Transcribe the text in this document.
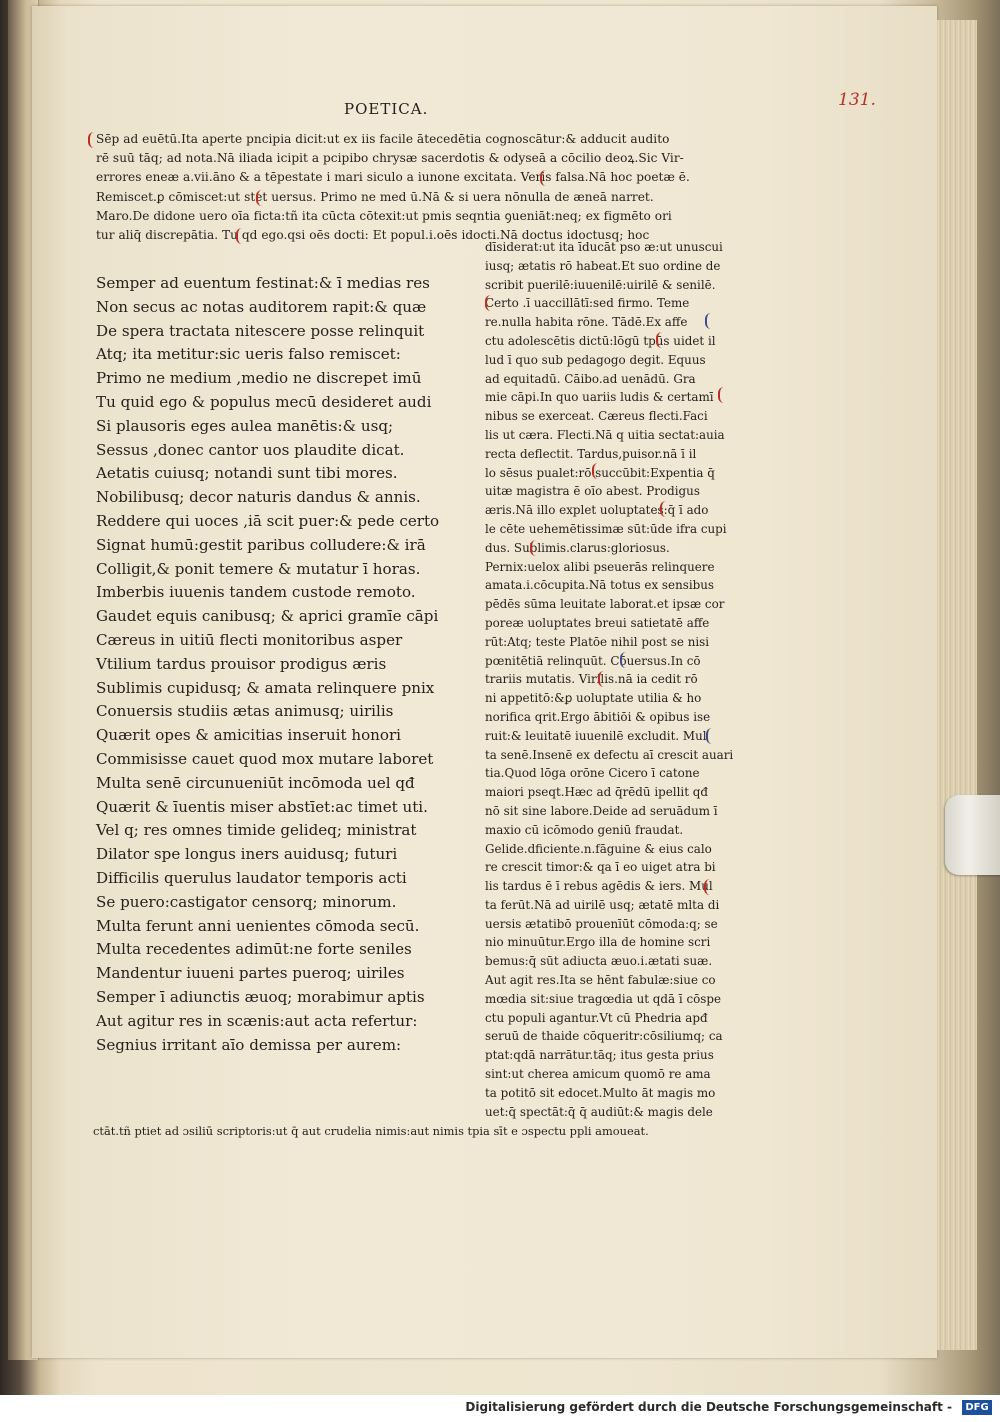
POETICA.	131.
Sēp ad euētū.Ita aperte pncipia dicit:ut ex iis facile ātecedētia cognoscātur:& adducit audito
rē suū tāq; ad nota.Nā iliada icipit a pcipibo chrysæ sacerdotis & odyseā a cōcilio deoꝝ.Sic Vir-
errores eneæ a.vii.āno & a tēpestate i mari siculo a iunone excitata. Veris falsa.Nā hoc poetæ ē.
Remiscet.ꝑ cōmiscet:ut stet uersus. Primo ne med ū.Nā & si uera nōnulla de æneā narret.
Maro.De didone uero oīa ficta:tñ ita cūcta cōtexit:ut pmis seqntia ꝯueniāt:neq; ex figmēto ori
tur aliq̄ discrepātia. Tu qd ego.qsi oēs docti: Et popul.i.oēs idocti.Nā doctus idoctusq; hoc
Semper ad euentum festinat:& ī medias res
Non secus ac notas auditorem rapit:& quæ
De spera tractata nitescere posse relinquit
Atq; ita metitur:sic ueris falso remiscet:
Primo ne medium ,medio ne discrepet imū
Tu quid ego & populus mecū desideret audi
Si plausoris eges aulea manētis:& usq;
Sessus ,donec cantor uos plaudite dicat.
Aetatis cuiusq; notandi sunt tibi mores.
Nobilibusq; decor naturis dandus & annis.
Reddere qui uoces ,iā scit puer:& pede certo
Signat humū:gestit paribus colludere:& irā
Colligit,& ponit temere & mutatur ī horas.
Imberbis iuuenis tandem custode remoto.
Gaudet equis canibusq; & aprici gramīe cāpi
Cæreus in uitiū flecti monitoribus asper
Vtilium tardus prouisor prodigus æris
Sublimis cupidusq; & amata relinquere pnix
Conuersis studiis ætas animusq; uirilis
Quærit opes & amicitias inseruit honori
Commisisse cauet quod mox mutare laboret
Multa senē circunueniūt incōmoda uel qđ
Quærit & īuentis miser abstīet:ac timet uti.
Vel q; res omnes timide gelideq; ministrat
Dilator spe longus iners auidusq; futuri
Difficilis querulus laudator temporis acti
Se puero:castigator censorq; minorum.
Multa ferunt anni uenientes cōmoda secū.
Multa recedentes adimūt:ne forte seniles
Mandentur iuueni partes pueroq; uiriles
Semper ī adiunctis æuoq; morabimur aptis
Aut agitur res in scænis:aut acta refertur:
Segnius irritant aīo demissa per aurem:
dīsiderat:ut ita īducāt pso æ:ut unuscui
iusq; ætatis rō habeat.Et suo ordine de
scribit puerilē:iuuenilē:uirilē & senilē.
Certo .ī uaccillātī:sed firmo. Teme
re.nulla habita rōne. Tādē.Ex affe
ctu adolescētis dictū:lōgū tpūs uidet il
lud ī quo sub pedagogo degit. Equus
ad equitadū. Cāibo.ad uenādū. Gra
mie cāpi.In quo uariis ludis & certamī
nibus se exerceat. Cæreus flecti.Faci
lis ut cæra. Flecti.Nā q uitia sectat:auia
recta deflectit. Tardus,puisor.nā ī il
lo sēsus pualet:rō succūbit:Expentia q̄
uitæ magistra ē oīo abest. Prodigus
æris.Nā illo explet uoluptates:q̄ ī ado
le cēte uehemētissimæ sūt:ūde ifra cupi
dus. Sublimis.clarus:gloriosus.
Pernix:uelox alibi pseuerās relinquere
amata.i.cōcupita.Nā totus ex sensibus
pēdēs sūma leuitate laborat.et ipsæ cor
poreæ uoluptates breui satietatē affe
rūt:Atq; teste Platōe nihil post se nisi
pœnitētiā relinquūt. Cōuersus.In cō
trariis mutatis. Virilis.nā ia cedit rō
ni appetitō:&ꝑ uoluptate utilia & ho
norifica qrit.Ergo ābitiōi & opibus ise
ruit:& leuitatē iuuenilē excludit. Mul
ta senē.Insenē ex defectu aī crescit auari
tia.Quod lōga orōne Cicero ī catone
maiori pseqt.Hæc ad q̄rēdū ipellit qđ
nō sit sine labore.Deide ad seruādum ī
maxio cū icōmodo geniū fraudat.
Gelide.dficiente.n.fāguine & eius calo
re crescit timor:& qa ī eo uiget atra bi
lis tardus ē ī rebus agēdis & iers. Mul
ta ferūt.Nā ad uirilē usq; ætatē mlta di
uersis ætatibō prouenīūt cōmoda:q; se
nio minuūtur.Ergo illa de homine scri
bemus:q̄ sūt adiucta æuo.i.ætati suæ.
Aut agit res.Ita se hēnt fabulæ:siue co
mœdia sit:siue tragœdia ut qdā ī cōspe
ctu populi agantur.Vt cū Phedria apđ
seruū de thaide cōqueritr:cōsiliumq; ca
ptat:qdā narrātur.tāq; itus gesta prius
sint:ut cherea amicum quomō re ama
ta potitō sit edocet.Multo āt magis mo
uet:q̄ spectāt:q̄ q̄ audiūt:& magis dele
ctāt.tñ ptiet ad ɔsiliū scriptoris:ut q̄ aut crudelia nimis:aut nimis tpia sīt e ɔspectu ppli amoueat.
Digitalisierung gefördert durch die Deutsche Forschungsgemeinschaft -	DFG
